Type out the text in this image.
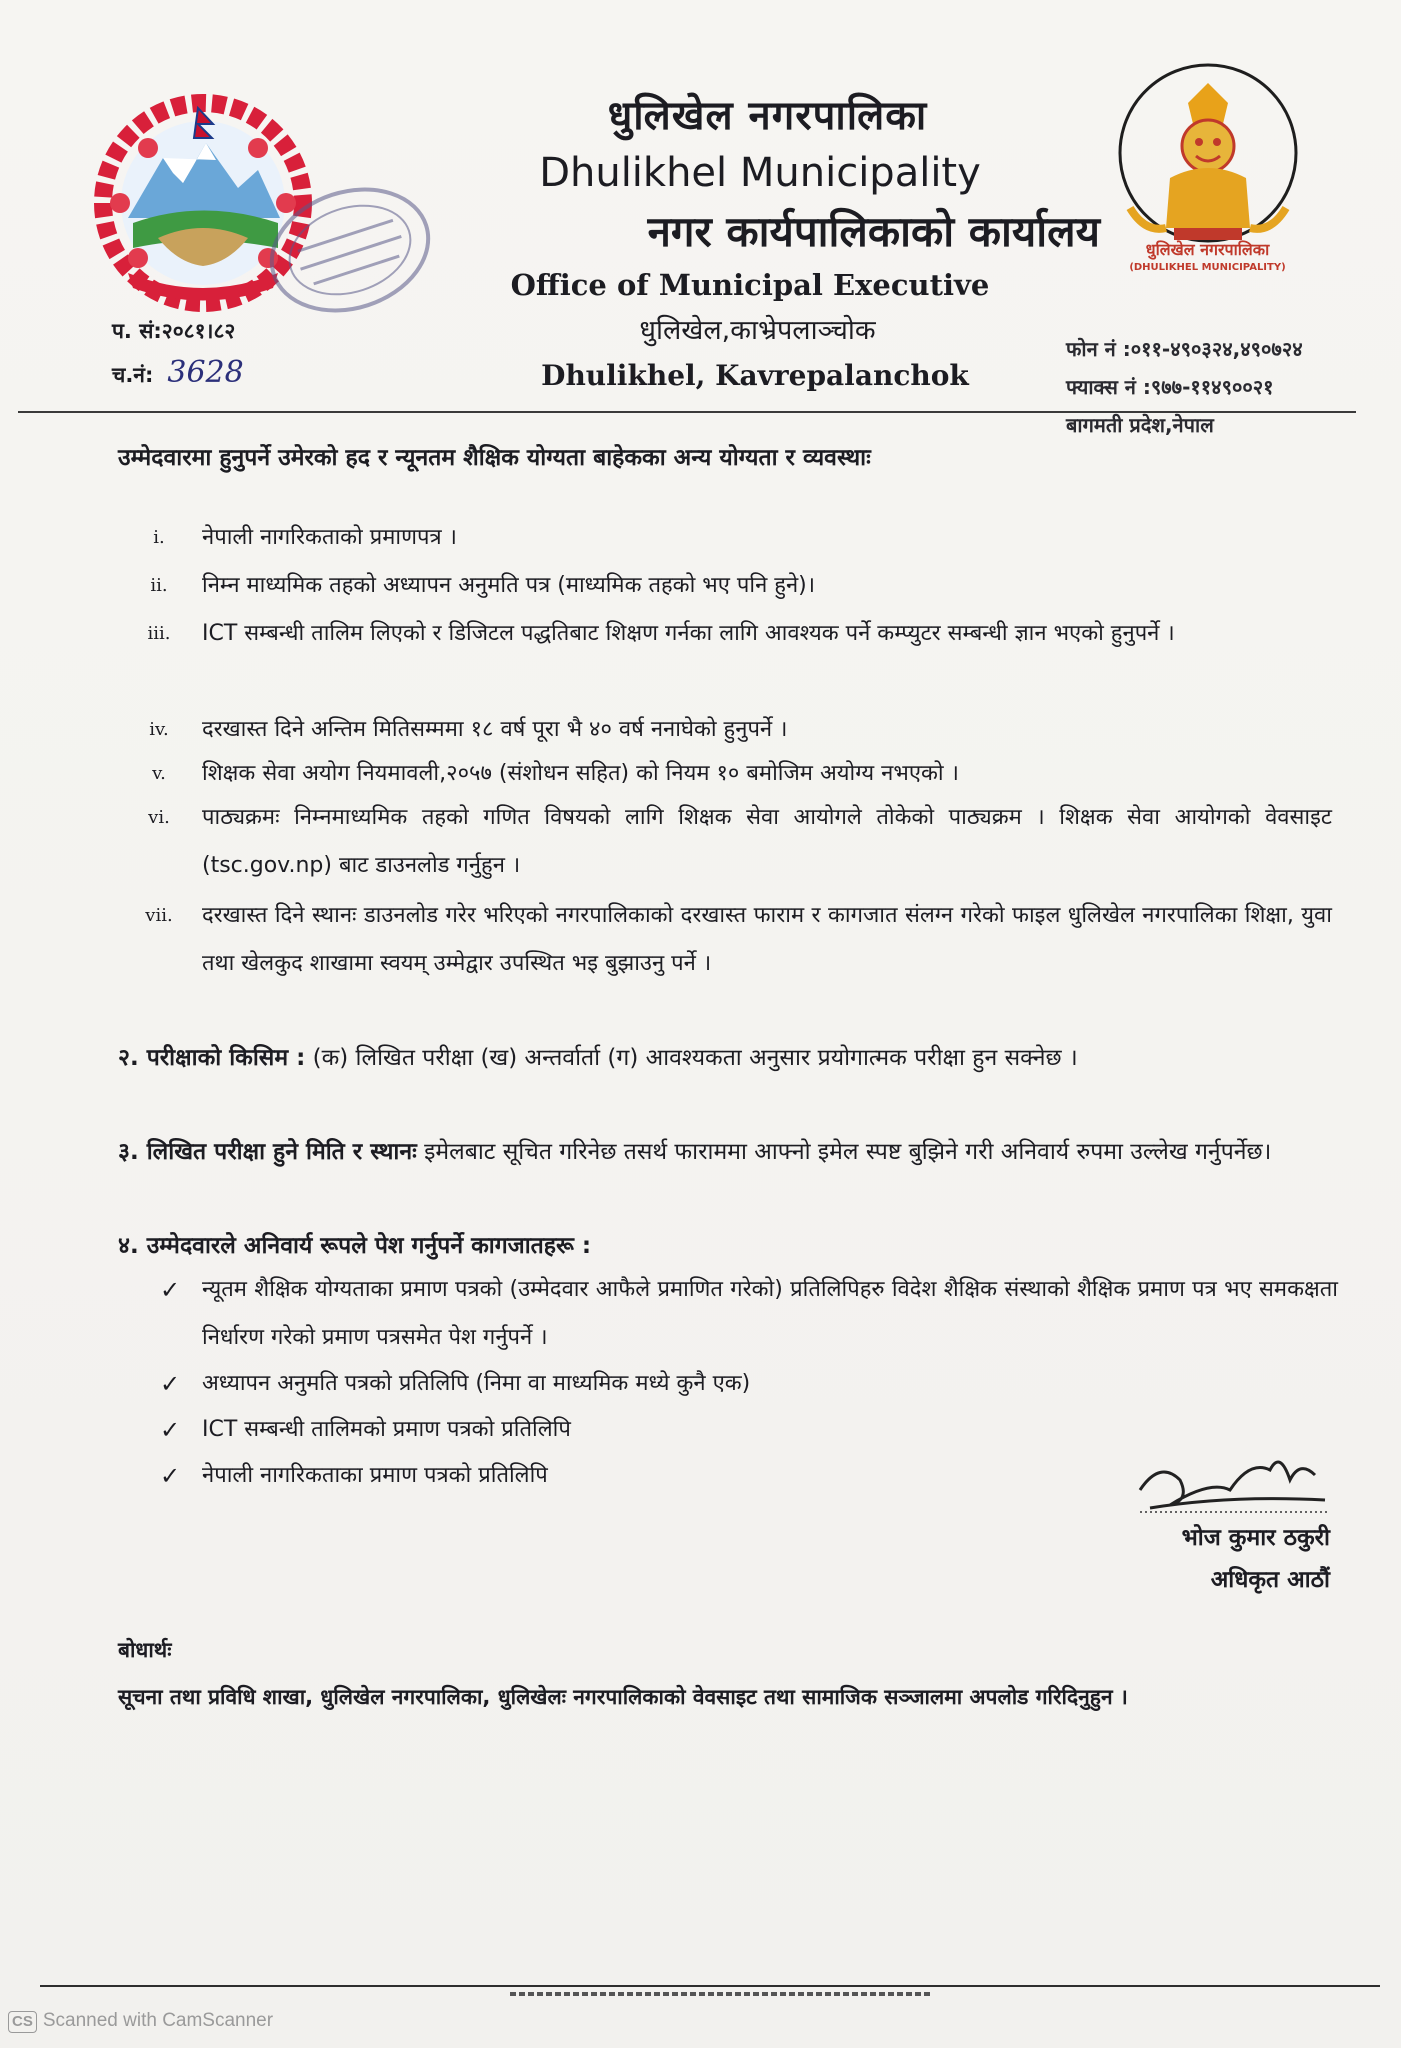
धुलिखेल नगरपालिका
(DHULIKHEL MUNICIPALITY)
धुलिखेल नगरपालिका
Dhulikhel Municipality
नगर कार्यपालिकाको कार्यालय
Office of Municipal Executive
धुलिखेल,काभ्रेपलाञ्चोक
Dhulikhel, Kavrepalanchok
प. सं:२०८१।८२
च.नं: 3628
फोन नं :०११-४९०३२४,४९०७२४
फ्याक्स नं :९७७-११४९००२१
बागमती प्रदेश,नेपाल
उम्मेदवारमा हुनुपर्ने उमेरको हद र न्यूनतम शैक्षिक योग्यता बाहेकका अन्य योग्यता र व्यवस्थाः
i.	नेपाली नागरिकताको प्रमाणपत्र ।
ii.	निम्न माध्यमिक तहको अध्यापन अनुमति पत्र (माध्यमिक तहको भए पनि हुने)।
iii. ICT सम्बन्धी तालिम लिएको र डिजिटल पद्धतिबाट शिक्षण गर्नका लागि आवश्यक पर्ने कम्प्युटर सम्बन्धी ज्ञान भएको हुनुपर्ने ।
iv.	दरखास्त दिने अन्तिम मितिसम्ममा १८ वर्ष पूरा भै ४० वर्ष ननाघेको हुनुपर्ने ।
v.	शिक्षक सेवा अयोग नियमावली,२०५७ (संशोधन सहित) को नियम १० बमोजिम अयोग्य नभएको ।
vi. पाठ्यक्रमः निम्नमाध्यमिक तहको गणित विषयको लागि शिक्षक सेवा आयोगले तोकेको पाठ्यक्रम । शिक्षक सेवा आयोगको वेवसाइट (tsc.gov.np) बाट डाउनलोड गर्नुहुन ।
vii. दरखास्त दिने स्थानः डाउनलोड गरेर भरिएको नगरपालिकाको दरखास्त फाराम र कागजात संलग्न गरेको फाइल धुलिखेल नगरपालिका शिक्षा, युवा तथा खेलकुद शाखामा स्वयम् उम्मेद्वार उपस्थित भइ बुझाउनु पर्ने ।
२. परीक्षाको किसिम : (क) लिखित परीक्षा (ख) अन्तर्वार्ता (ग) आवश्यकता अनुसार प्रयोगात्मक परीक्षा हुन सक्नेछ ।
३. लिखित परीक्षा हुने मिति र स्थानः इमेलबाट सूचित गरिनेछ तसर्थ फाराममा आफ्नो इमेल स्पष्ट बुझिने गरी अनिवार्य रुपमा उल्लेख गर्नुपर्नेछ।
४. उम्मेदवारले अनिवार्य रूपले पेश गर्नुपर्ने कागजातहरू :
✓ न्यूतम शैक्षिक योग्यताका प्रमाण पत्रको (उम्मेदवार आफैले प्रमाणित गरेको) प्रतिलिपिहरु विदेश शैक्षिक संस्थाको शैक्षिक प्रमाण पत्र भए समकक्षता निर्धारण गरेको प्रमाण पत्रसमेत पेश गर्नुपर्ने ।
✓ अध्यापन अनुमति पत्रको प्रतिलिपि (निमा वा माध्यमिक मध्ये कुनै एक)
✓ ICT सम्बन्धी तालिमको प्रमाण पत्रको प्रतिलिपि
✓ नेपाली नागरिकताका प्रमाण पत्रको प्रतिलिपि
भोज कुमार ठकुरी
अधिकृत आठौं
बोधार्थः
सूचना तथा प्रविधि शाखा, धुलिखेल नगरपालिका, धुलिखेलः नगरपालिकाको वेवसाइट तथा सामाजिक सञ्जालमा अपलोड गरिदिनुहुन ।
CS Scanned with CamScanner
